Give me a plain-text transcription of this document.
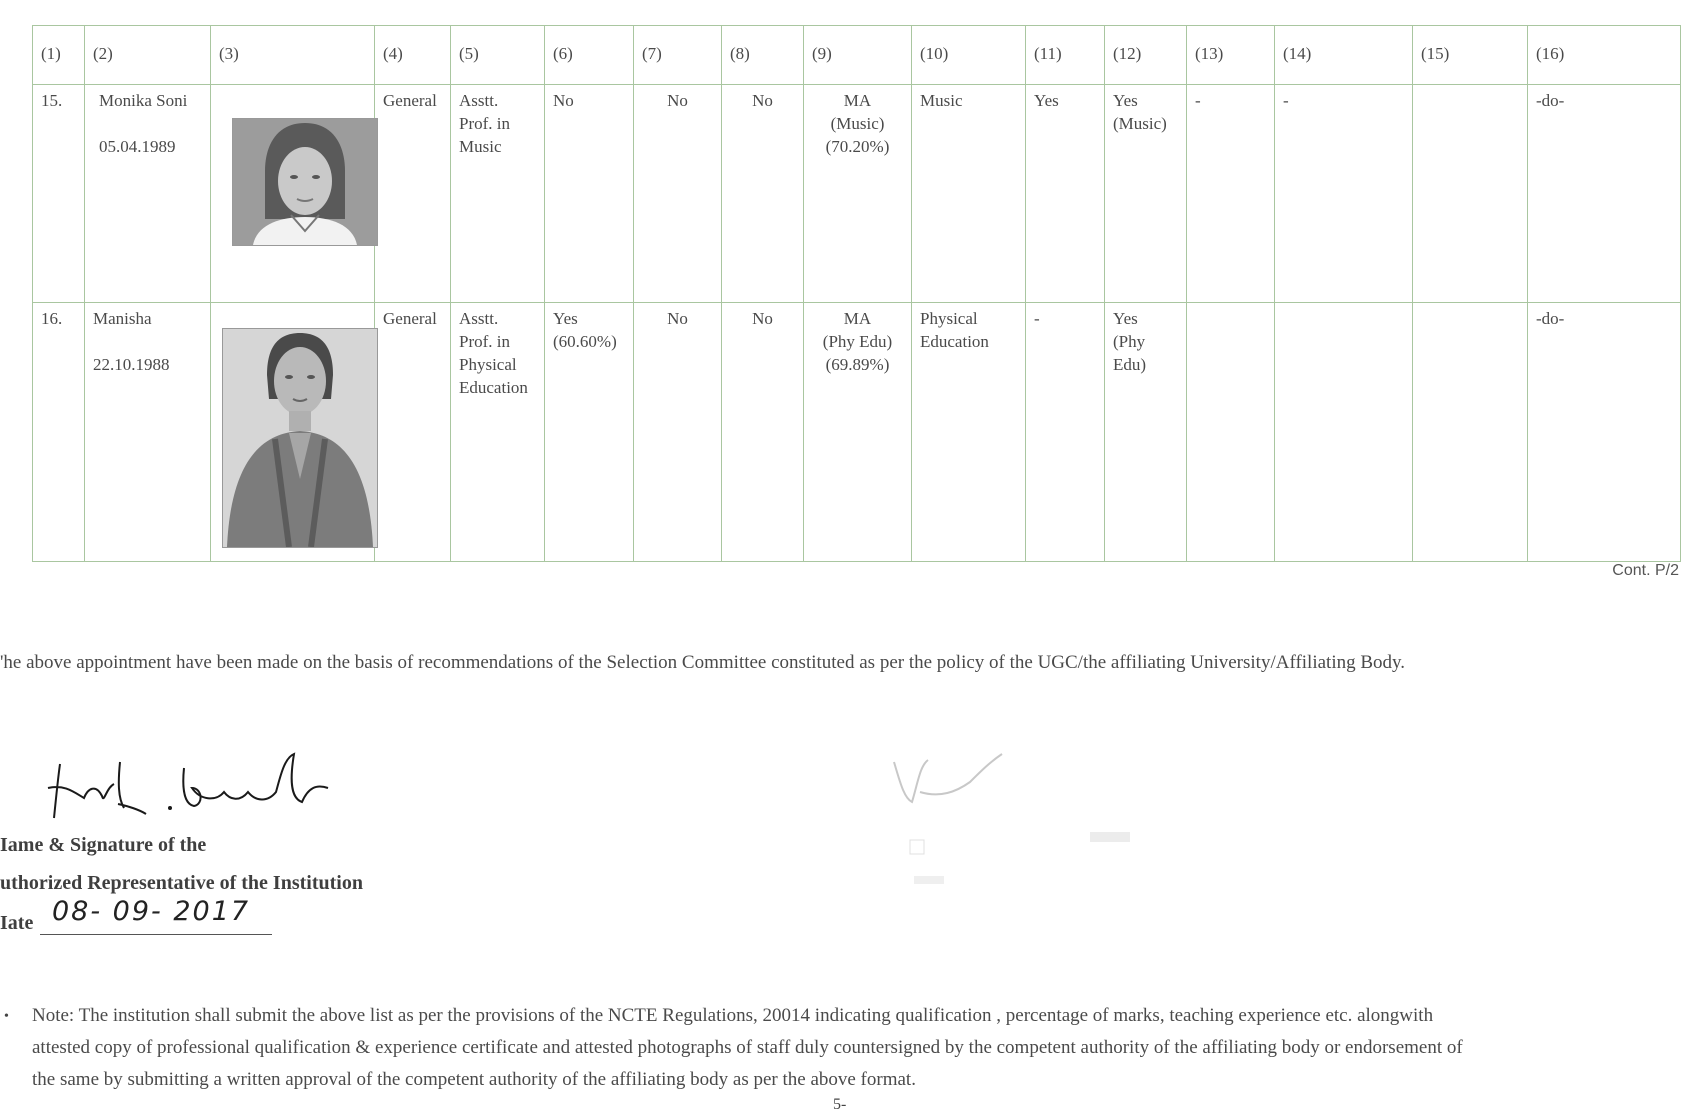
(1)	(2)	(3)	(4)	(5)	(6)	(7)	(8)	(9)	(10)	(11)	(12)	(13)	(14)	(15)	(16)
15.	Monika Soni
05.04.1989		General	Asstt.
Prof. in
Music	No	No	No	MA
(Music)
(70.20%)	Music	Yes	Yes
(Music)	-	-		-do-
16.	Manisha
22.10.1988		General	Asstt.
Prof. in
Physical
Education	Yes
(60.60%)	No	No	MA
(Phy Edu)
(69.89%)	Physical
Education	-	Yes
(Phy
Edu)				-do-
Cont. P/2
'he above appointment have been made on the basis of recommendations of the Selection Committee constituted as per the policy of the UGC/the affiliating University/Affiliating Body.
Iame & Signature of the
uthorized Representative of the Institution
Iate 08- 09- 2017
• Note: The institution shall submit the above list as per the provisions of the NCTE Regulations, 20014 indicating qualification , percentage of marks, teaching experience etc. alongwith
attested copy of professional qualification & experience certificate and attested photographs of staff duly countersigned by the competent authority of the affiliating body or endorsement of
the same by submitting a written approval of the competent authority of the affiliating body as per the above format.
5-
